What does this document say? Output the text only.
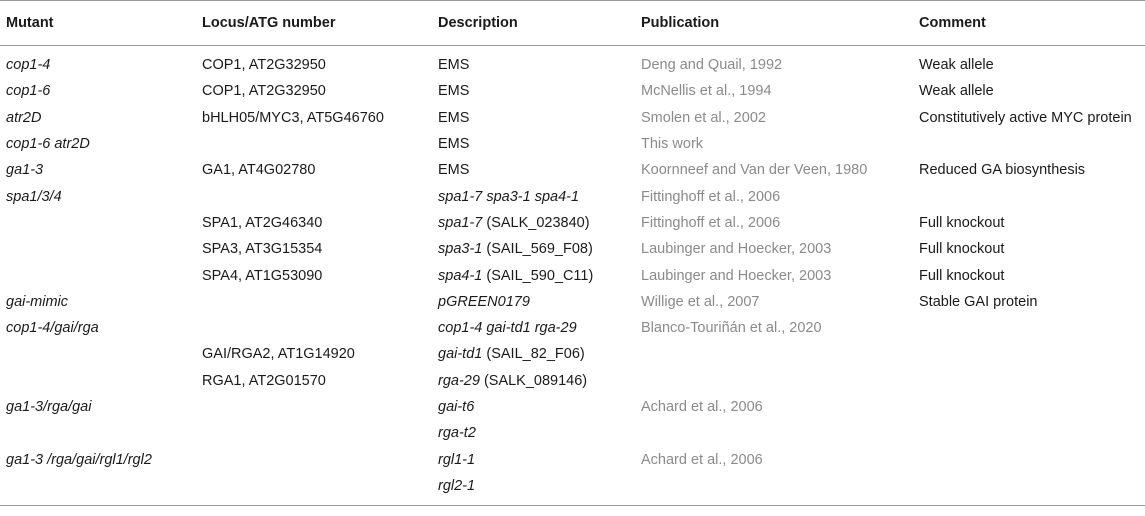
Mutant	Locus/ATG number	Description	Publication	Comment
cop1-4	COP1, AT2G32950	EMS	Deng and Quail, 1992	Weak allele
cop1-6	COP1, AT2G32950	EMS	McNellis et al., 1994	Weak allele
atr2D	bHLH05/MYC3, AT5G46760	EMS	Smolen et al., 2002	Constitutively active MYC protein
cop1-6 atr2D		EMS	This work	
ga1-3	GA1, AT4G02780	EMS	Koornneef and Van der Veen, 1980	Reduced GA biosynthesis
spa1/3/4		spa1-7 spa3-1 spa4-1	Fittinghoff et al., 2006	
	SPA1, AT2G46340	spa1-7 (SALK_023840)	Fittinghoff et al., 2006	Full knockout
	SPA3, AT3G15354	spa3-1 (SAIL_569_F08)	Laubinger and Hoecker, 2003	Full knockout
	SPA4, AT1G53090	spa4-1 (SAIL_590_C11)	Laubinger and Hoecker, 2003	Full knockout
gai-mimic		pGREEN0179	Willige et al., 2007	Stable GAI protein
cop1-4/gai/rga		cop1-4 gai-td1 rga-29	Blanco-Touriñán et al., 2020	
	GAI/RGA2, AT1G14920	gai-td1 (SAIL_82_F06)		
	RGA1, AT2G01570	rga-29 (SALK_089146)		
ga1-3/rga/gai		gai-t6	Achard et al., 2006	
		rga-t2		
ga1-3 /rga/gai/rgl1/rgl2		rgl1-1	Achard et al., 2006	
		rgl2-1		
